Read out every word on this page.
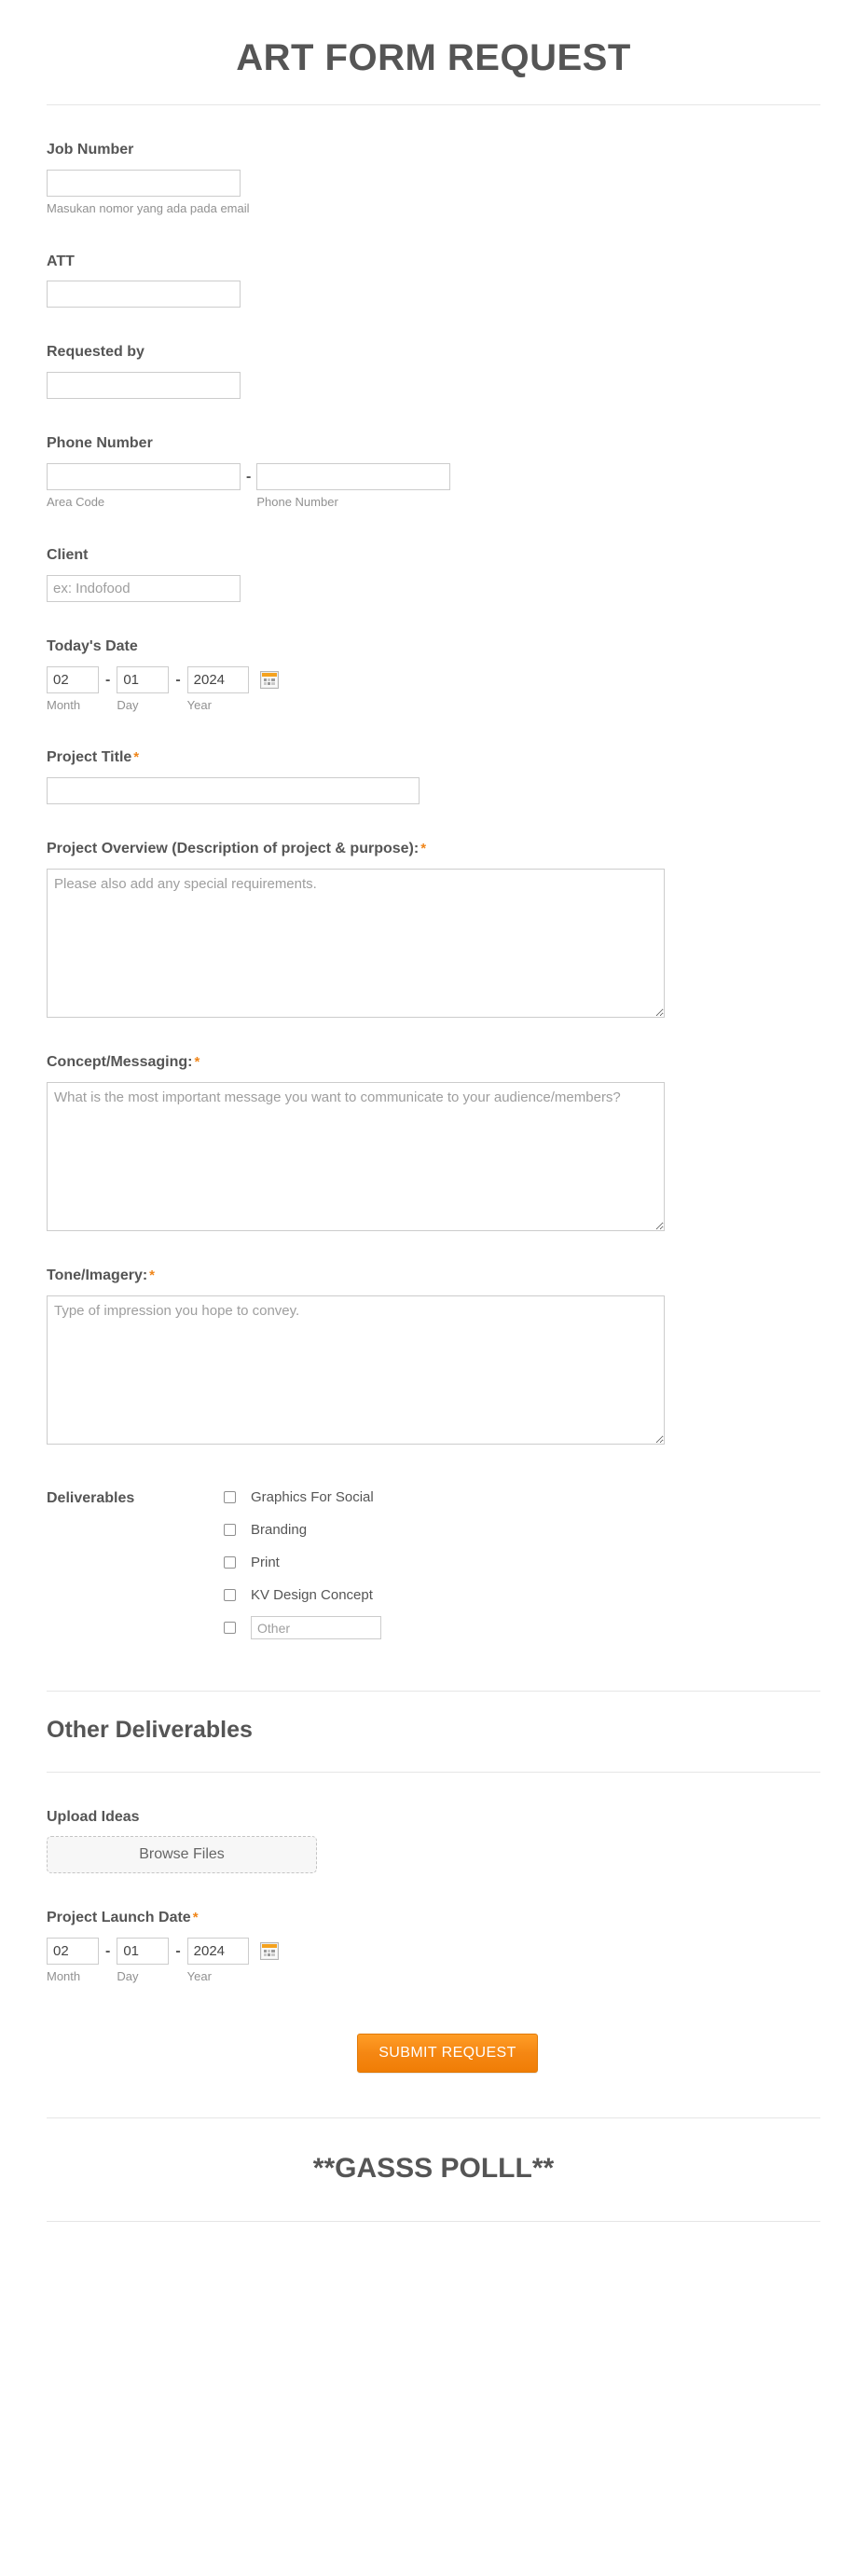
ART FORM REQUEST
Job Number
Masukan nomor yang ada pada email
ATT
Requested by
Phone Number
Area Code
-
Phone Number
Client
ex: Indofood
Today's Date
02
Month
-
01
Day
-
2024
Year
Project Title *
Project Overview (Description of project & purpose): *
Please also add any special requirements.
Concept/Messaging: *
What is the most important message you want to communicate to your audience/members?
Tone/Imagery: *
Type of impression you hope to convey.
Deliverables	Graphics For Social
Branding
Print
KV Design Concept
Other
Other Deliverables
Upload Ideas
Browse Files
Project Launch Date *
02
Month
-
01
Day
-
2024
Year
SUBMIT REQUEST
**GASSS POLLL**
